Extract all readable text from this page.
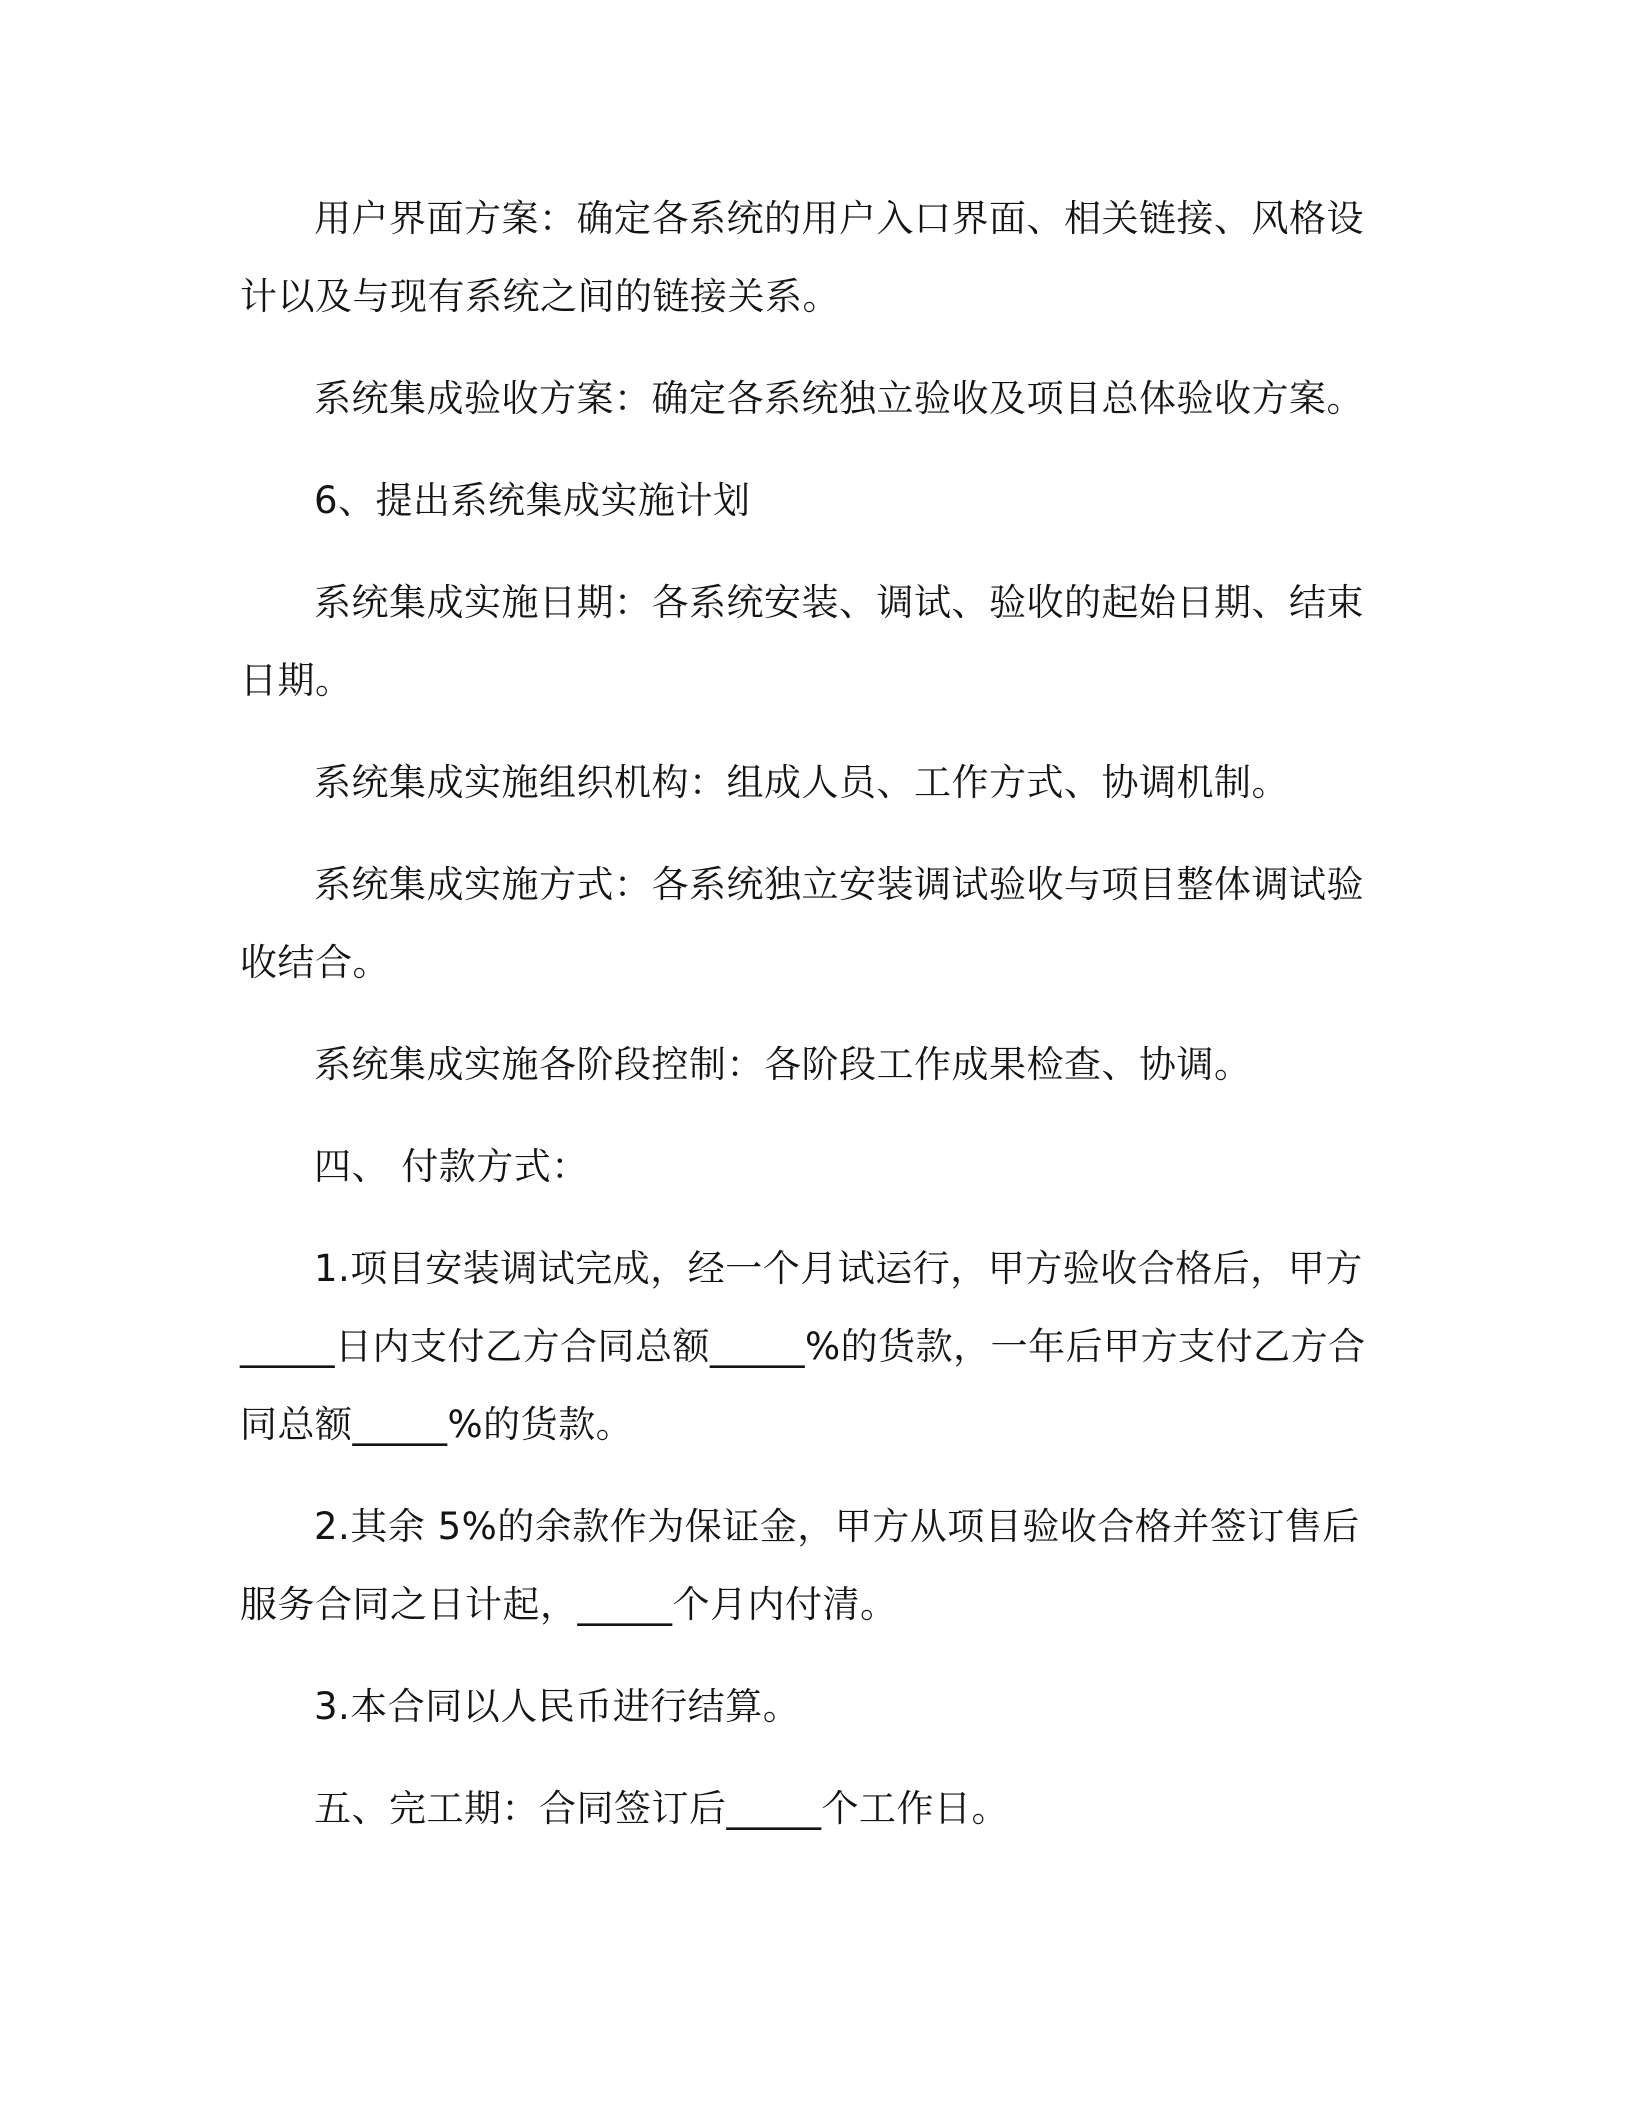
用户界面方案：确定各系统的用户入口界面、相关链接、风格设计以及与现有系统之间的链接关系。

系统集成验收方案：确定各系统独立验收及项目总体验收方案。

6、提出系统集成实施计划

系统集成实施日期：各系统安装、调试、验收的起始日期、结束日期。

系统集成实施组织机构：组成人员、工作方式、协调机制。

系统集成实施方式：各系统独立安装调试验收与项目整体调试验收结合。

系统集成实施各阶段控制：各阶段工作成果检查、协调。

四、 付款方式：

1.项目安装调试完成，经一个月试运行，甲方验收合格后，甲方_____日内支付乙方合同总额_____%的货款，一年后甲方支付乙方合同总额_____%的货款。

2.其余 5%的余款作为保证金，甲方从项目验收合格并签订售后服务合同之日计起，_____个月内付清。

3.本合同以人民币进行结算。

五、完工期：合同签订后_____个工作日。
